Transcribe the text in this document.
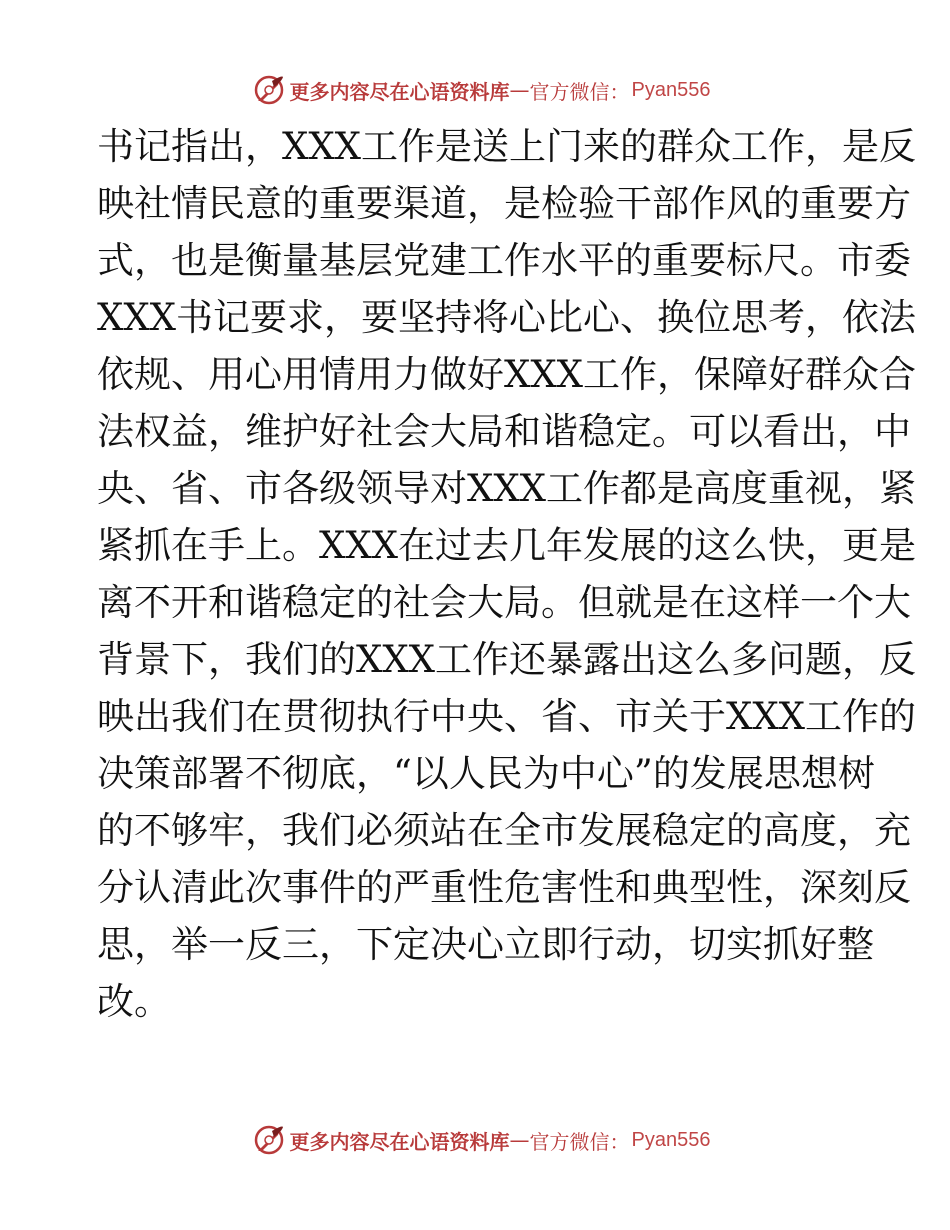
更多内容尽在心语资料库 — 官方微信： Pyan556
书记指出，XXX工作是送上门来的群众工作，是反
映社情民意的重要渠道，是检验干部作风的重要方
式，也是衡量基层党建工作水平的重要标尺。市委
XXX书记要求，要坚持将心比心、换位思考，依法
依规、用心用情用力做好XXX工作，保障好群众合
法权益，维护好社会大局和谐稳定。可以看出，中
央、省、市各级领导对XXX工作都是高度重视，紧
紧抓在手上。XXX在过去几年发展的这么快，更是
离不开和谐稳定的社会大局。但就是在这样一个大
背景下，我们的XXX工作还暴露出这么多问题，反
映出我们在贯彻执行中央、省、市关于XXX工作的
决策部署不彻底，“以人民为中心”的发展思想树
的不够牢，我们必须站在全市发展稳定的高度，充
分认清此次事件的严重性危害性和典型性，深刻反
思，举一反三，下定决心立即行动，切实抓好整
改。
更多内容尽在心语资料库 — 官方微信： Pyan556
